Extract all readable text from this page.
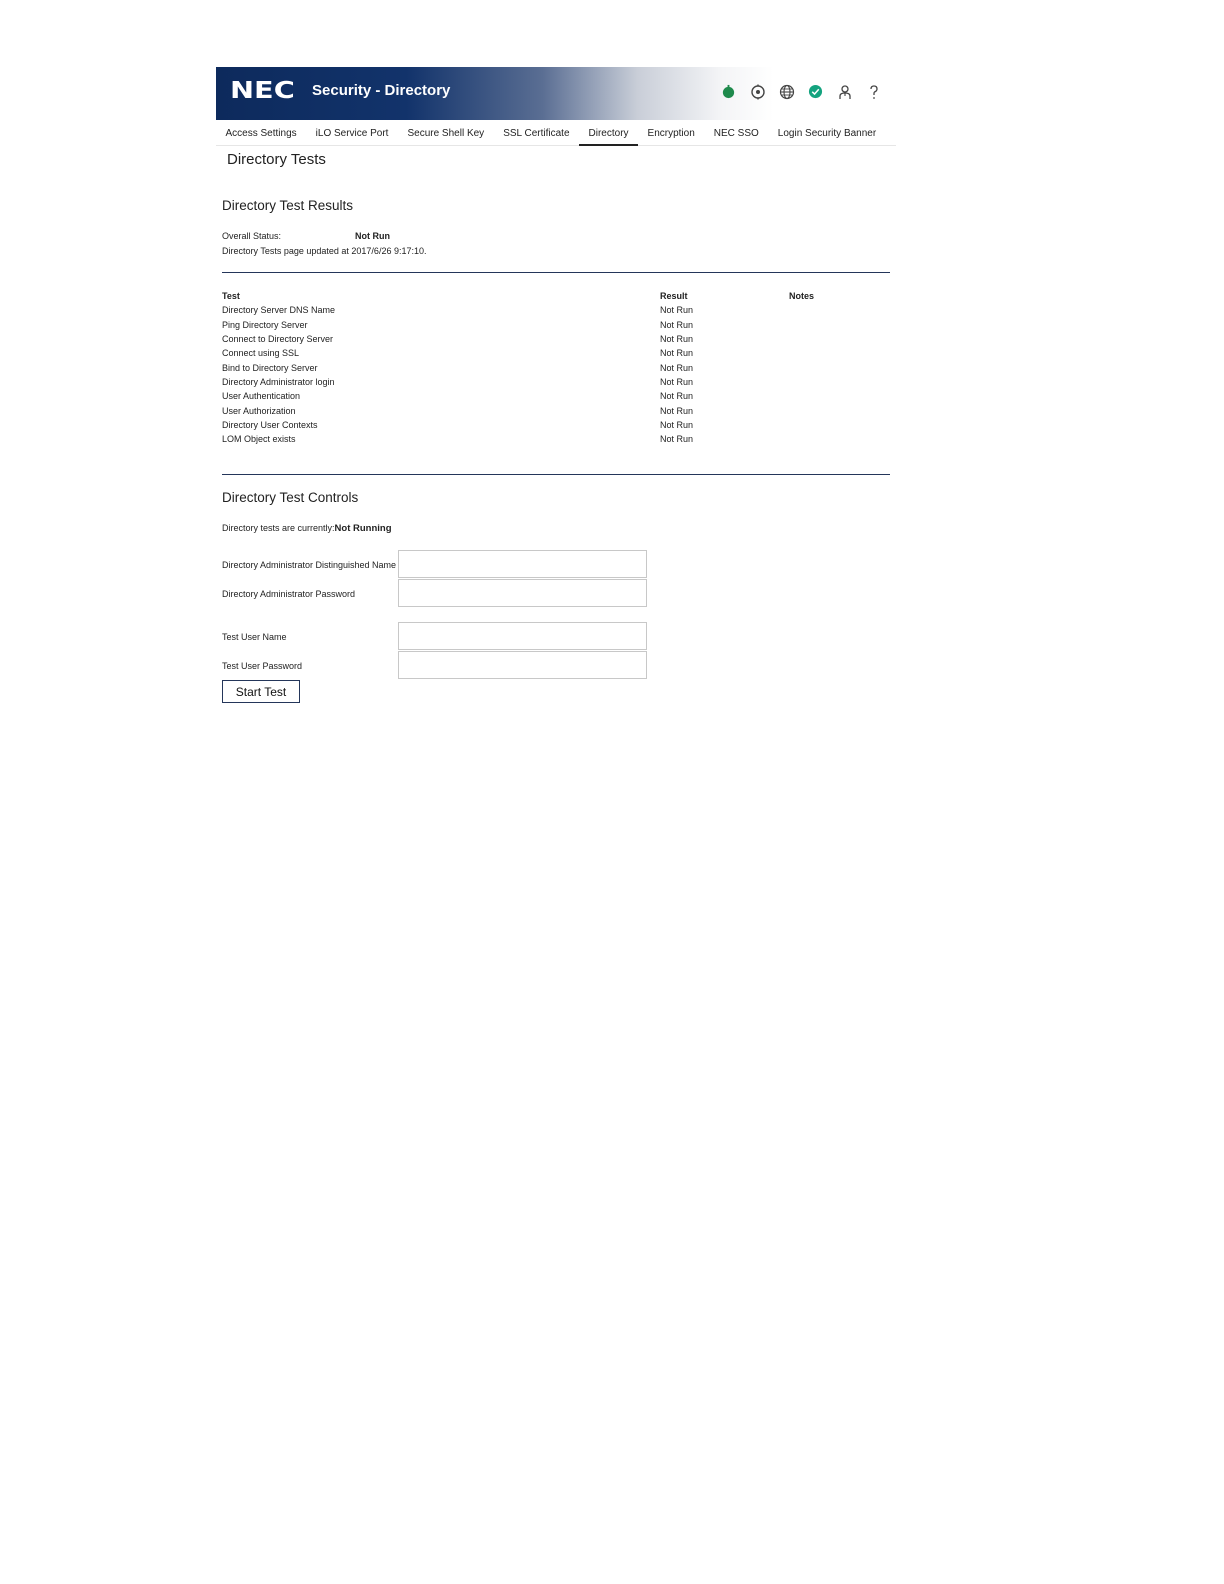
NEC Security - Directory
Access Settings	iLO Service Port	Secure Shell Key	SSL Certificate	Directory	Encryption	NEC SSO	Login Security Banner
Directory Tests
Directory Test Results
Overall Status:	Not Run
Directory Tests page updated at 2017/6/26 9:17:10.
Test	Result	Notes
Directory Server DNS Name	Not Run	
Ping Directory Server	Not Run	
Connect to Directory Server	Not Run	
Connect using SSL	Not Run	
Bind to Directory Server	Not Run	
Directory Administrator login	Not Run	
User Authentication	Not Run	
User Authorization	Not Run	
Directory User Contexts	Not Run	
LOM Object exists	Not Run	
Directory Test Controls
Directory tests are currently:Not Running
Directory Administrator Distinguished Name
Directory Administrator Password
Test User Name
Test User Password
Start Test
